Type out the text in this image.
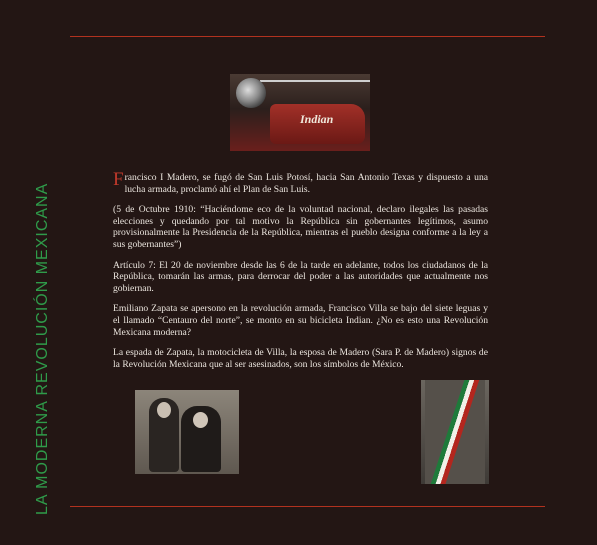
LA MODERNA REVOLUCIÓN MEXICANA
Indian

Francisco I Madero, se fugó de San Luis Potosí, hacia San Antonio Texas y dispuesto a una lucha armada, proclamó ahí el Plan de San Luis.

(5 de Octubre 1910: “Haciéndome eco de la voluntad nacional, declaro ilegales las pasadas elecciones y quedando por tal motivo la República sin gobernantes legítimos, asumo provisionalmente la Presidencia de la República, mientras el pueblo designa conforme a la ley a sus gobernantes”)

Artículo 7: El 20 de noviembre desde las 6 de la tarde en adelante, todos los ciudadanos de la República, tomarán las armas, para derrocar del poder a las autoridades que actualmente nos gobiernan.

Emiliano Zapata se apersono en la revolución armada, Francisco Villa se bajo del siete leguas y el llamado “Centauro del norte”, se monto en su bicicleta Indian. ¿No es esto una Revolución Mexicana moderna?

La espada de Zapata, la motocicleta de Villa, la esposa de Madero (Sara P. de Madero) signos de la Revolución Mexicana que al ser asesinados, son los símbolos de México.
